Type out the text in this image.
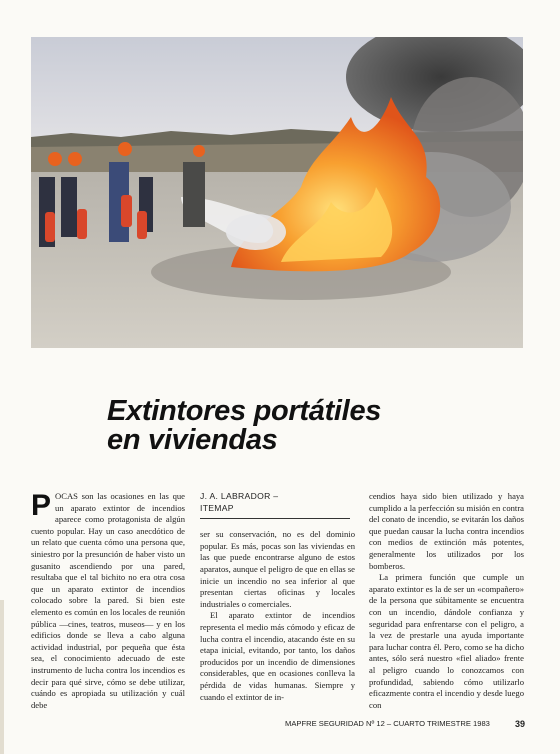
Extintores portátiles
en viviendas

POCAS son las ocasiones en las que un aparato extintor de incendios aparece como protagonista de algún cuento popular. Hay un caso anecdótico de un relato que cuenta cómo una persona que, siniestro por la presunción de haber visto un gusanito ascendiendo por una pared, resultaba que el tal bichito no era otra cosa que un aparato extintor de incendios colocado sobre la pared. Si bien este elemento es común en los locales de reunión pública —cines, teatros, museos— y en los edificios donde se lleva a cabo alguna actividad industrial, por pequeña que ésta sea, el conocimiento adecuado de este instrumento de lucha contra los incendios es decir para qué sirve, cómo se debe utilizar, cuándo es apropiada su utilización y cuál debe

J. A. LABRADOR –
ITEMAP

ser su conservación, no es del dominio popular. Es más, pocas son las viviendas en las que puede encontrarse alguno de estos aparatos, aunque el peligro de que en ellas se inicie un incendio no sea inferior al que presentan ciertas oficinas y locales industriales o comerciales.

El aparato extintor de incendios representa el medio más cómodo y eficaz de lucha contra el incendio, atacando éste en su etapa inicial, evitando, por tanto, los daños producidos por un incendio de dimensiones considerables, que en ocasiones conlleva la pérdida de vidas humanas. Siempre y cuando el extintor de in-

cendios haya sido bien utilizado y haya cumplido a la perfección su misión en contra del conato de incendio, se evitarán los daños que puedan causar la lucha contra incendios con medios de extinción más potentes, generalmente los utilizados por los bomberos.

La primera función que cumple un aparato extintor es la de ser un «compañero» de la persona que súbitamente se encuentra con un incendio, dándole confianza y seguridad para enfrentarse con el peligro, a la vez de prestarle una ayuda importante para luchar contra él. Pero, como se ha dicho antes, sólo será nuestro «fiel aliado» frente al peligro cuando lo conozcamos con profundidad, sabiendo cómo utilizarlo eficazmente contra el incendio y desde luego con

MAPFRE SEGURIDAD Nº 12 – CUARTO TRIMESTRE 1983	39
